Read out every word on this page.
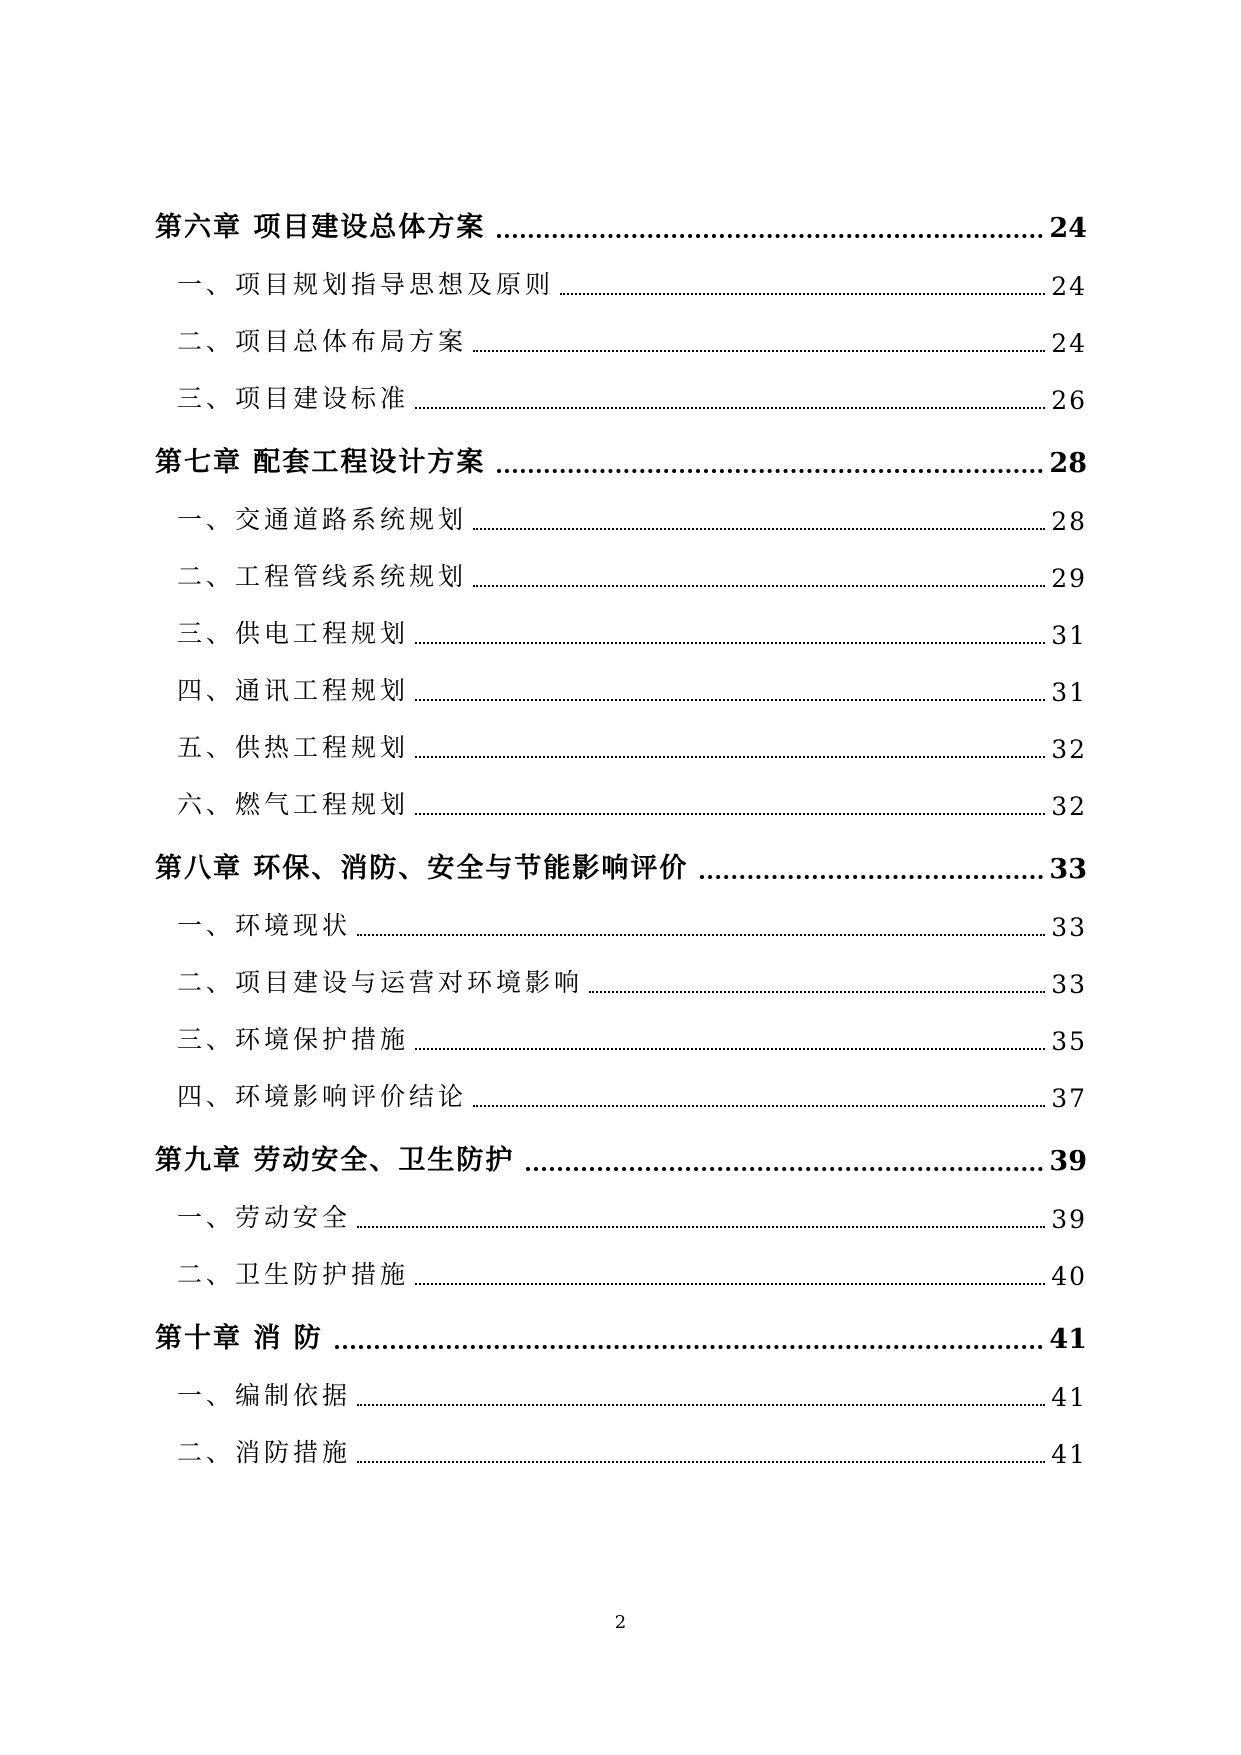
第六章 项目建设总体方案	24
一、项目规划指导思想及原则	24
二、项目总体布局方案	24
三、项目建设标准	26
第七章 配套工程设计方案	28
一、交通道路系统规划	28
二、工程管线系统规划	29
三、供电工程规划	31
四、通讯工程规划	31
五、供热工程规划	32
六、燃气工程规划	32
第八章 环保、消防、安全与节能影响评价	33
一、环境现状	33
二、项目建设与运营对环境影响	33
三、环境保护措施	35
四、环境影响评价结论	37
第九章 劳动安全、卫生防护	39
一、劳动安全	39
二、卫生防护措施	40
第十章 消 防	41
一、编制依据	41
二、消防措施	41
2
